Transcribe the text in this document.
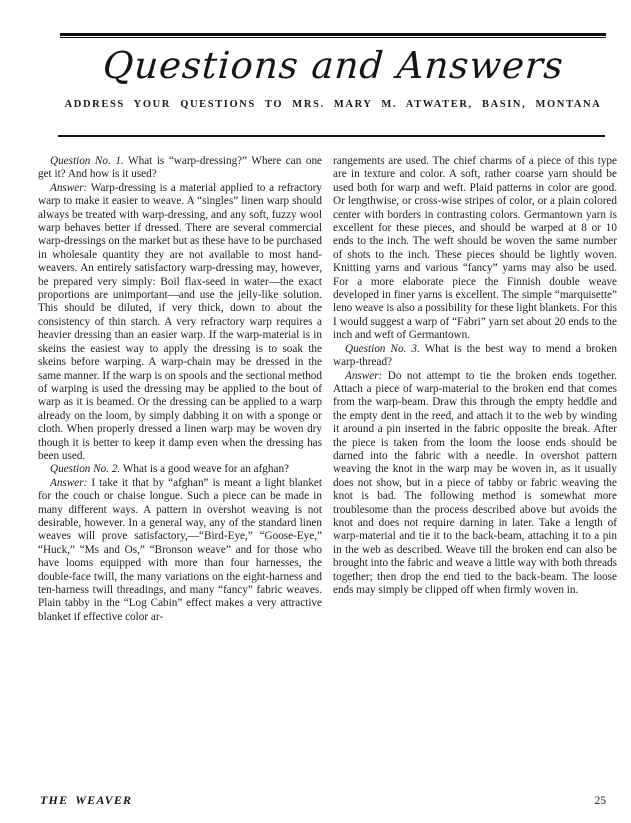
Questions and Answers
ADDRESS YOUR QUESTIONS TO MRS. MARY M. ATWATER, BASIN, MONTANA

Question No. 1. What is “warp-dressing?” Where can one get it? And how is it used?

Answer: Warp-dressing is a material applied to a refractory warp to make it easier to weave. A “singles” linen warp should always be treated with warp-dressing, and any soft, fuzzy wool warp behaves better if dressed. There are several commercial warp-dressings on the market but as these have to be purchased in wholesale quantity they are not available to most hand-weavers. An entirely satisfactory warp-dressing may, however, be prepared very simply: Boil flax-seed in water—the exact proportions are unimportant—and use the jelly-like solution. This should be diluted, if very thick, down to about the consistency of thin starch. A very refractory warp requires a heavier dressing than an easier warp. If the warp-material is in skeins the easiest way to apply the dressing is to soak the skeins before warping. A warp-chain may be dressed in the same manner. If the warp is on spools and the sectional method of warping is used the dressing may be applied to the bout of warp as it is beamed. Or the dressing can be applied to a warp already on the loom, by simply dabbing it on with a sponge or cloth. When properly dressed a linen warp may be woven dry though it is better to keep it damp even when the dressing has been used.

Question No. 2. What is a good weave for an afghan?

Answer: I take it that by “afghan” is meant a light blanket for the couch or chaise longue. Such a piece can be made in many different ways. A pattern in overshot weaving is not desirable, however. In a general way, any of the standard linen weaves will prove satisfactory,—“Bird-Eye,” “Goose-Eye,” “Huck,” “Ms and Os,” “Bronson weave” and for those who have looms equipped with more than four harnesses, the double-face twill, the many variations on the eight-harness and ten-harness twill threadings, and many “fancy” fabric weaves. Plain tabby in the “Log Cabin” effect makes a very attractive blanket if effective color ar-

rangements are used. The chief charms of a piece of this type are in texture and color. A soft, rather coarse yarn should be used both for warp and weft. Plaid patterns in color are good. Or lengthwise, or cross-wise stripes of color, or a plain colored center with borders in contrasting colors. Germantown yarn is excellent for these pieces, and should be warped at 8 or 10 ends to the inch. The weft should be woven the same number of shots to the inch. These pieces should be lightly woven. Knitting yarns and various “fancy” yarns may also be used. For a more elaborate piece the Finnish double weave developed in finer yarns is excellent. The simple “marquisette” leno weave is also a possibility for these light blankets. For this I would suggest a warp of “Fabri” yarn set about 20 ends to the inch and weft of Germantown.

Question No. 3. What is the best way to mend a broken warp-thread?

Answer: Do not attempt to tie the broken ends together. Attach a piece of warp-material to the broken end that comes from the warp-beam. Draw this through the empty heddle and the empty dent in the reed, and attach it to the web by winding it around a pin inserted in the fabric opposite the break. After the piece is taken from the loom the loose ends should be darned into the fabric with a needle. In overshot pattern weaving the knot in the warp may be woven in, as it usually does not show, but in a piece of tabby or fabric weaving the knot is bad. The following method is somewhat more troublesome than the process described above but avoids the knot and does not require darning in later. Take a length of warp-material and tie it to the back-beam, attaching it to a pin in the web as described. Weave till the broken end can also be brought into the fabric and weave a little way with both threads together; then drop the end tied to the back-beam. The loose ends may simply be clipped off when firmly woven in.

THE WEAVER	25
